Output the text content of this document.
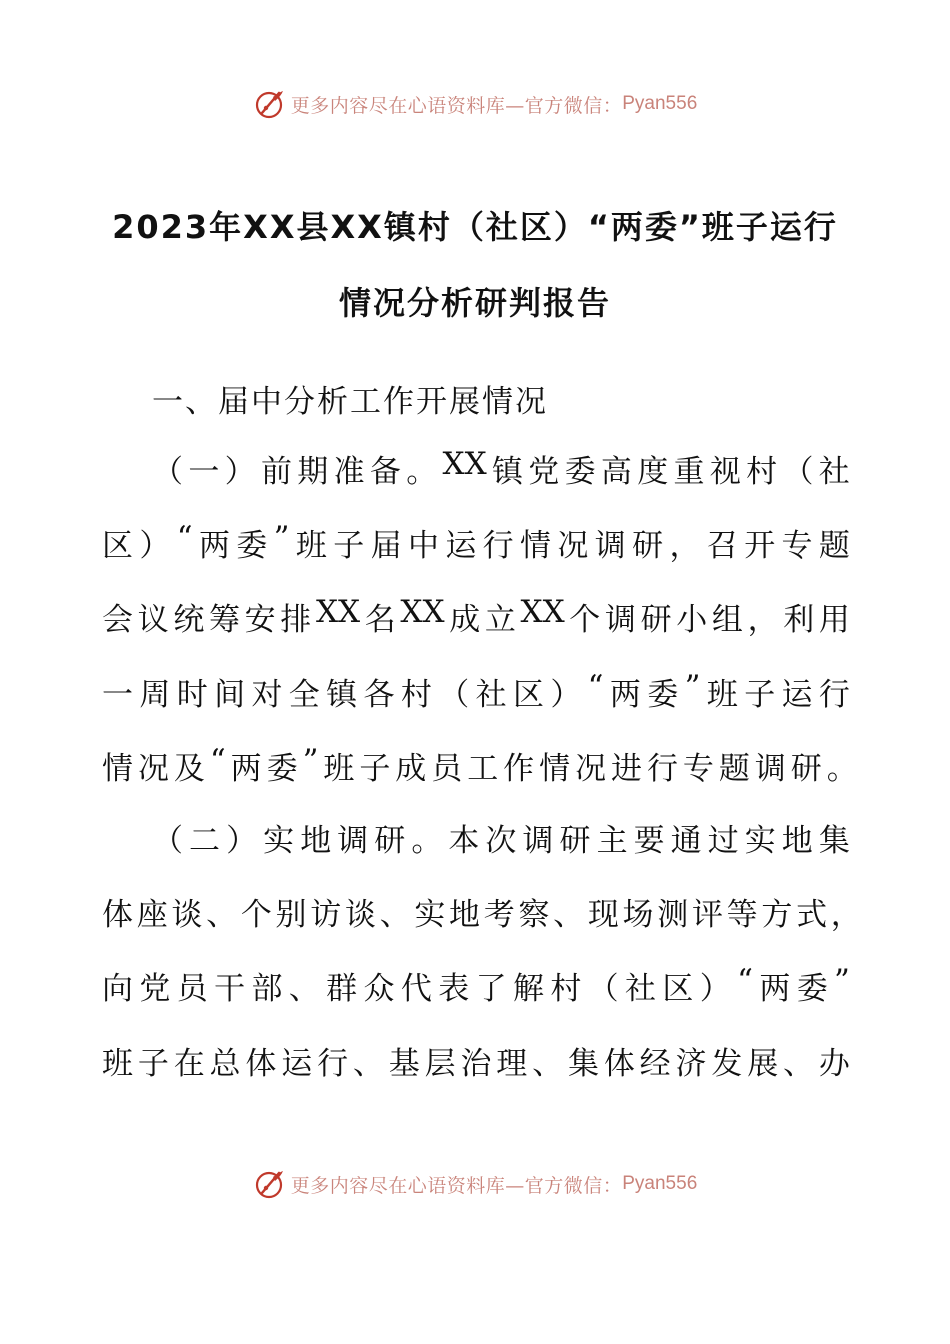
更多内容尽在心语资料库—官方微信： Pyan556
2023年XX县XX镇村（社区）“两委”班子运行
情况分析研判报告
一、届中分析工作开展情况
（ 一 ） 前 期 准 备 。 XX 镇 党 委 高 度 重 视 村 （ 社
区 ） “ 两 委 ” 班 子 届 中 运 行 情 况 调 研 ， 召 开 专 题
会 议 统 筹 安 排 XX 名 XX 成 立 XX 个 调 研 小 组 ， 利 用
一 周 时 间 对 全 镇 各 村 （ 社 区 ） “ 两 委 ” 班 子 运 行
情 况 及 “ 两 委 ” 班 子 成 员 工 作 情 况 进 行 专 题 调 研 。
（ 二 ） 实 地 调 研 。 本 次 调 研 主 要 通 过 实 地 集
体 座 谈 、 个 别 访 谈 、 实 地 考 察 、 现 场 测 评 等 方 式 ，
向 党 员 干 部 、 群 众 代 表 了 解 村 （ 社 区 ） “ 两 委 ”
班 子 在 总 体 运 行 、 基 层 治 理 、 集 体 经 济 发 展 、 办
更多内容尽在心语资料库—官方微信： Pyan556
